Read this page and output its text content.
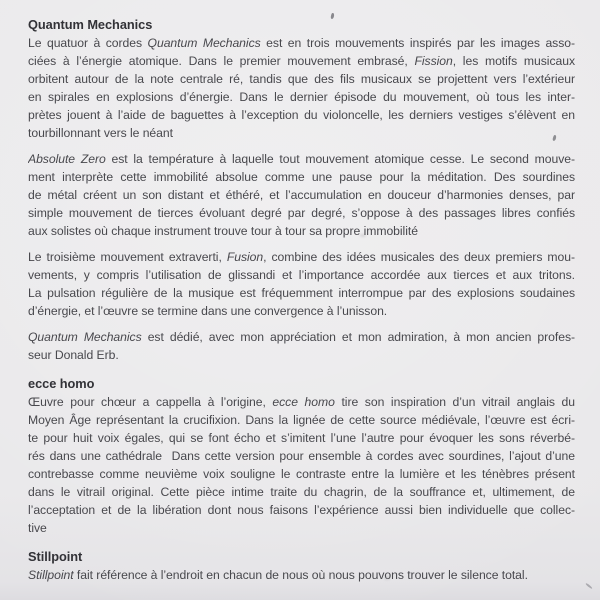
Quantum Mechanics
Le quatuor à cordes Quantum Mechanics est en trois mouvements inspirés par les images asso-
ciées à l’énergie atomique. Dans le premier mouvement embrasé, Fission, les motifs musicaux
orbitent autour de la note centrale ré, tandis que des fils musicaux se projettent vers l’extérieur
en spirales en explosions d’énergie. Dans le dernier épisode du mouvement, où tous les inter-
prètes jouent à l’aide de baguettes à l’exception du violoncelle, les derniers vestiges s’élèvent en
tourbillonnant vers le néant
Absolute Zero est la température à laquelle tout mouvement atomique cesse. Le second mouve-
ment interprète cette immobilité absolue comme une pause pour la méditation. Des sourdines
de métal créent un son distant et éthéré, et l’accumulation en douceur d’harmonies denses, par
simple mouvement de tierces évoluant degré par degré, s’oppose à des passages libres confiés
aux solistes où chaque instrument trouve tour à tour sa propre immobilité
Le troisième mouvement extraverti, Fusion, combine des idées musicales des deux premiers mou-
vements, y compris l’utilisation de glissandi et l’importance accordée aux tierces et aux tritons.
La pulsation régulière de la musique est fréquemment interrompue par des explosions soudaines
d’énergie, et l’œuvre se termine dans une convergence à l’unisson.
Quantum Mechanics est dédié, avec mon appréciation et mon admiration, à mon ancien profes-
seur Donald Erb.
ecce homo
Œuvre pour chœur a cappella à l’origine, ecce homo tire son inspiration d’un vitrail anglais du
Moyen Âge représentant la crucifixion. Dans la lignée de cette source médiévale, l’œuvre est écri-
te pour huit voix égales, qui se font écho et s’imitent l’une l’autre pour évoquer les sons réverbé-
rés dans une cathédrale  Dans cette version pour ensemble à cordes avec sourdines, l’ajout d’une
contrebasse comme neuvième voix souligne le contraste entre la lumière et les ténèbres présent
dans le vitrail original. Cette pièce intime traite du chagrin, de la souffrance et, ultimement, de
l’acceptation et de la libération dont nous faisons l’expérience aussi bien individuelle que collec-
tive
Stillpoint
Stillpoint fait référence à l’endroit en chacun de nous où nous pouvons trouver le silence total.
